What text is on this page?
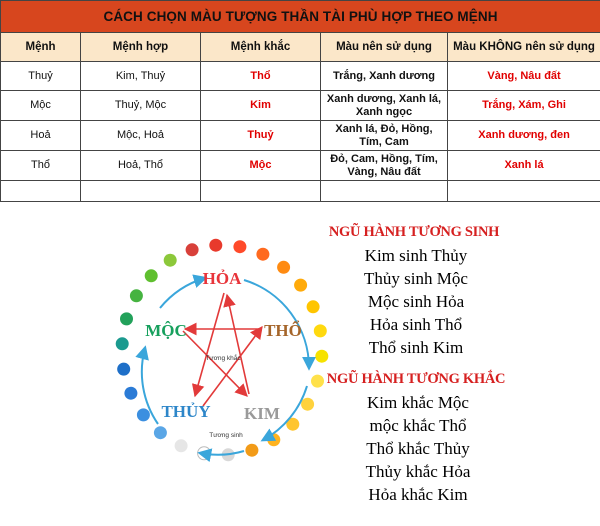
CÁCH CHỌN MÀU TƯỢNG THẦN TÀI PHÙ HỢP THEO MỆNH				
Mệnh	Mệnh hợp	Mệnh khắc	Màu nên sử dụng	Màu KHÔNG nên sử dụng
Thuỷ	Kim, Thuỷ	Thổ	Trắng, Xanh dương	Vàng, Nâu đất
Mộc	Thuỷ, Mộc	Kim	Xanh dương, Xanh lá, Xanh ngọc	Trắng, Xám, Ghi
Hoả	Mộc, Hoả	Thuỷ	Xanh lá, Đỏ, Hồng, Tím, Cam	Xanh dương, đen
Thổ	Hoả, Thổ	Mộc	Đỏ, Cam, Hồng, Tím, Vàng, Nâu đất	Xanh lá

Tương khắc
Tương sinh
HỎA
THỔ
KIM
THỦY
MỘC
NGŨ HÀNH TƯƠNG SINH
Kim sinh Thủy
Thủy sinh Mộc
Mộc sinh Hỏa
Hỏa sinh Thổ
Thổ sinh Kim
NGŨ HÀNH TƯƠNG KHẮC
Kim khắc Mộc
mộc khắc Thổ
Thổ khắc Thủy
Thủy khắc Hỏa
Hỏa khắc Kim
